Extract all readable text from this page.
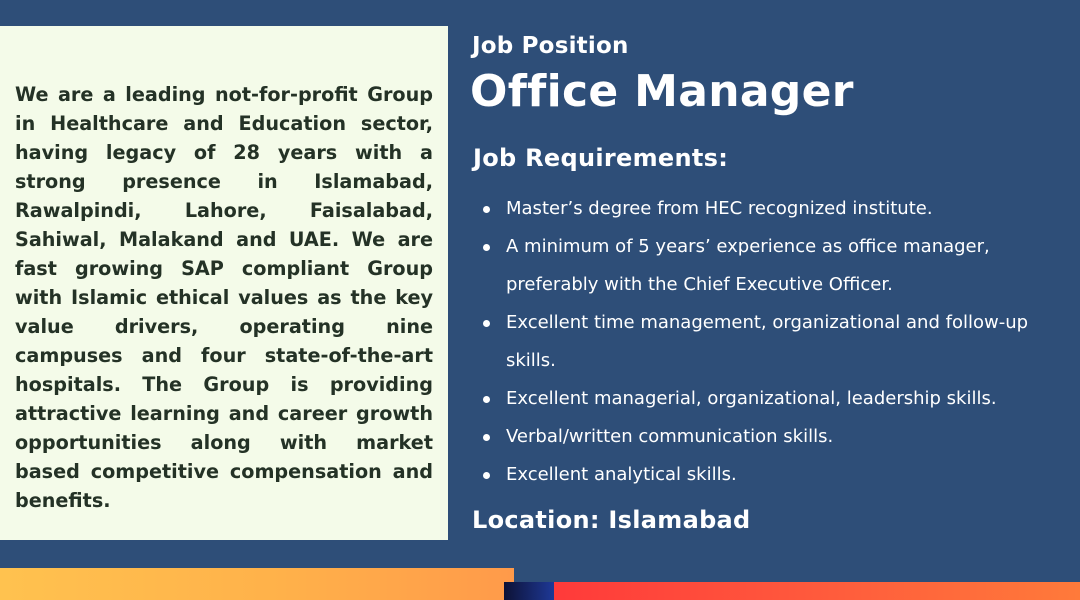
We are a leading not-for-profit Group in Healthcare and Education sector, having legacy of 28 years with a strong presence in Islamabad, Rawalpindi, Lahore, Faisalabad, Sahiwal, Malakand and UAE. We are fast growing SAP compliant Group with Islamic ethical values as the key value drivers, operating nine campuses and four state-of-the-art hospitals. The Group is providing attractive learning and career growth opportunities along with market based competitive compensation and benefits.

Job Position
Office Manager
Job Requirements:
Master’s degree from HEC recognized institute.
A minimum of 5 years’ experience as office manager, preferably with the Chief Executive Officer.
Excellent time management, organizational and follow-up skills.
Excellent managerial, organizational, leadership skills.
Verbal/written communication skills.
Excellent analytical skills.
Location: Islamabad
